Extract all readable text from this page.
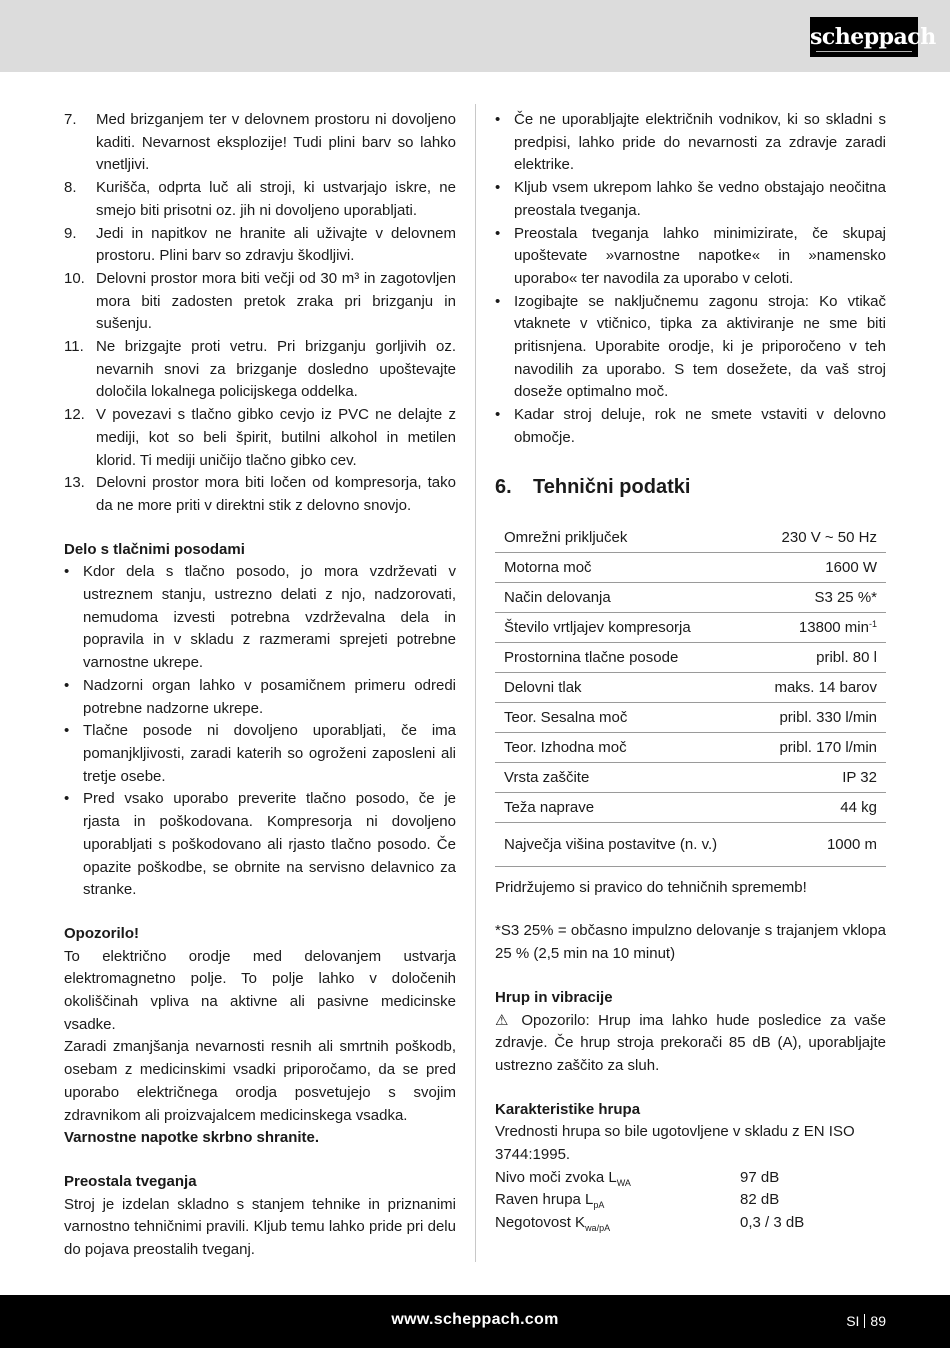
scheppach
7. Med brizganjem ter v delovnem prostoru ni dovoljeno kaditi. Nevarnost eksplozije! Tudi plini barv so lahko vnetljivi.
8. Kurišča, odprta luč ali stroji, ki ustvarjajo iskre, ne smejo biti prisotni oz. jih ni dovoljeno uporabljati.
9. Jedi in napitkov ne hranite ali uživajte v delovnem prostoru. Plini barv so zdravju škodljivi.
10. Delovni prostor mora biti večji od 30 m³ in zagotovljen mora biti zadosten pretok zraka pri brizganju in sušenju.
11. Ne brizgajte proti vetru. Pri brizganju gorljivih oz. nevarnih snovi za brizganje dosledno upoštevajte določila lokalnega policijskega oddelka.
12. V povezavi s tlačno gibko cevjo iz PVC ne delajte z mediji, kot so beli špirit, butilni alkohol in metilen klorid. Ti mediji uničijo tlačno gibko cev.
13. Delovni prostor mora biti ločen od kompresorja, tako da ne more priti v direktni stik z delovno snovjo.
Delo s tlačnimi posodami
• Kdor dela s tlačno posodo, jo mora vzdrževati v ustreznem stanju, ustrezno delati z njo, nadzorovati, nemudoma izvesti potrebna vzdrževalna dela in popravila in v skladu z razmerami sprejeti potrebne varnostne ukrepe.
• Nadzorni organ lahko v posamičnem primeru odredi potrebne nadzorne ukrepe.
• Tlačne posode ni dovoljeno uporabljati, če ima pomanjkljivosti, zaradi katerih so ogroženi zaposleni ali tretje osebe.
• Pred vsako uporabo preverite tlačno posodo, če je rjasta in poškodovana. Kompresorja ni dovoljeno uporabljati s poškodovano ali rjasto tlačno posodo. Če opazite poškodbe, se obrnite na servisno delavnico za stranke.
Opozorilo!

To električno orodje med delovanjem ustvarja elektromagnetno polje. To polje lahko v določenih okoliščinah vpliva na aktivne ali pasivne medicinske vsadke.

Zaradi zmanjšanja nevarnosti resnih ali smrtnih poškodb, osebam z medicinskimi vsadki priporočamo, da se pred uporabo električnega orodja posvetujejo s svojim zdravnikom ali proizvajalcem medicinskega vsadka.

Varnostne napotke skrbno shranite.

Preostala tveganja

Stroj je izdelan skladno s stanjem tehnike in priznanimi varnostno tehničnimi pravili. Kljub temu lahko pride pri delu do pojava preostalih tveganj.

• Če ne uporabljajte električnih vodnikov, ki so skladni s predpisi, lahko pride do nevarnosti za zdravje zaradi elektrike.
• Kljub vsem ukrepom lahko še vedno obstajajo neočitna preostala tveganja.
• Preostala tveganja lahko minimizirate, če skupaj upoštevate »varnostne napotke« in »namensko uporabo« ter navodila za uporabo v celoti.
• Izogibajte se naključnemu zagonu stroja: Ko vtikač vtaknete v vtičnico, tipka za aktiviranje ne sme biti pritisnjena. Uporabite orodje, ki je priporočeno v teh navodilih za uporabo. S tem dosežete, da vaš stroj doseže optimalno moč.
• Kadar stroj deluje, rok ne smete vstaviti v delovno območje.
6. Tehnični podatki
Omrežni priključek	230 V ~ 50 Hz
Motorna moč	1600 W
Način delovanja	S3 25 %*
Število vrtljajev kompresorja	13800 $\min^{-1}$
Prostornina tlačne posode	pribl. 80 l
Delovni tlak	maks. 14 barov
Teor. Sesalna moč	pribl. 330 l/min
Teor. Izhodna moč	pribl. 170 l/min
Vrsta zaščite	IP 32
Teža naprave	44 kg
Največja višina postavitve (n. v.)	1000 m

Pridržujemo si pravico do tehničnih sprememb!

*S3 25% = občasno impulzno delovanje s trajanjem vklopa 25 % (2,5 min na 10 minut)

Hrup in vibracije

⚠ Opozorilo: Hrup ima lahko hude posledice za vaše zdravje. Če hrup stroja prekorači 85 dB (A), uporabljajte ustrezno zaščito za sluh.

Karakteristike hrupa

Vrednosti hrupa so bile ugotovljene v skladu z EN ISO 3744:1995.

Nivo moči zvoka $L_{WA}$	97 dB
Raven hrupa $L_{pA}$	82 dB
Negotovost $K_{wa/pA}$	0,3 / 3 dB
www.scheppach.com	SI 89
